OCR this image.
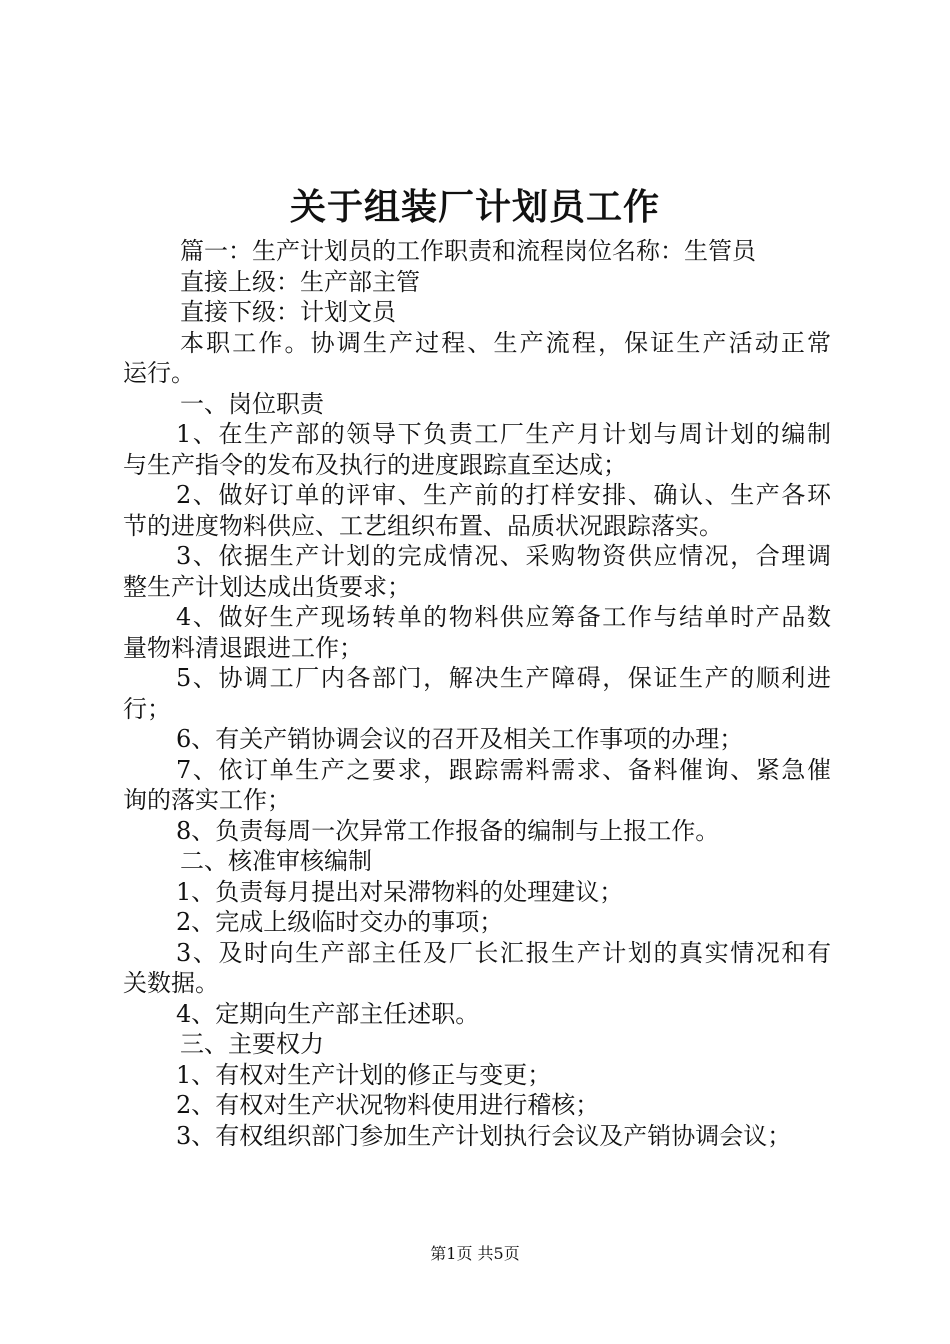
关于组装厂计划员工作
篇一：生产计划员的工作职责和流程岗位名称：生管员
直接上级：生产部主管
直接下级：计划文员
本职工作。协调生产过程、生产流程，保证生产活动正常
运行。
一、岗位职责
1、在生产部的领导下负责工厂生产月计划与周计划的编制
与生产指令的发布及执行的进度跟踪直至达成；
2、做好订单的评审、生产前的打样安排、确认、生产各环
节的进度物料供应、工艺组织布置、品质状况跟踪落实。
3、依据生产计划的完成情况、采购物资供应情况，合理调
整生产计划达成出货要求；
4、做好生产现场转单的物料供应筹备工作与结单时产品数
量物料清退跟进工作；
5、协调工厂内各部门，解决生产障碍，保证生产的顺利进
行；
6、有关产销协调会议的召开及相关工作事项的办理；
7、依订单生产之要求，跟踪需料需求、备料催询、紧急催
询的落实工作；
8、负责每周一次异常工作报备的编制与上报工作。
二、核准审核编制
1、负责每月提出对呆滞物料的处理建议；
2、完成上级临时交办的事项；
3、及时向生产部主任及厂长汇报生产计划的真实情况和有
关数据。
4、定期向生产部主任述职。
三、主要权力
1、有权对生产计划的修正与变更；
2、有权对生产状况物料使用进行稽核；
3、有权组织部门参加生产计划执行会议及产销协调会议；
第1页 共5页
